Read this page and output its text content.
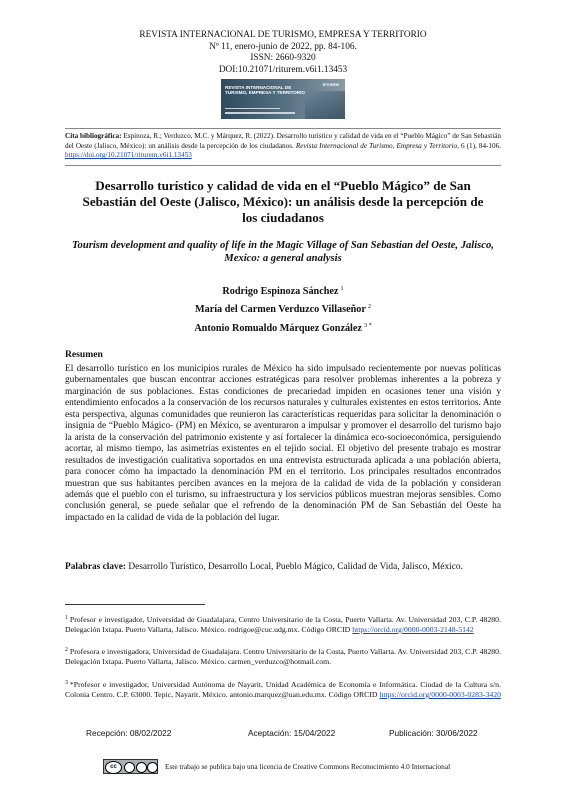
REVISTA INTERNACIONAL DE TURISMO, EMPRESA Y TERRITORIO
Nº 11, enero-junio de 2022, pp. 84-106.
ISSN: 2660-9320
DOI:10.21071/riturem.v6i1.13453
REVISTA INTERNACIONAL DE
TURISMO, EMPRESA Y TERRITORIO
RITUREM
Cita bibliográfica: Espinoza, R.; Verduzco, M.C. y Márquez, R. (2022). Desarrollo turístico y calidad de vida en el “Pueblo Mágico” de San Sebastián del Oeste (Jalisco, México): un análisis desde la percepción de los ciudadanos. Revista Internacional de Turismo, Empresa y Territorio, 6 (1), 84-106. https://doi.org/10.21071/riturem.v6i1.13453
Desarrollo turístico y calidad de vida en el “Pueblo Mágico” de San Sebastián del Oeste (Jalisco, México): un análisis desde la percepción de los ciudadanos
Tourism development and quality of life in the Magic Village of San Sebastian del Oeste, Jalisco, Mexico: a general analysis
Rodrigo Espinoza Sánchez $^1$
María del Carmen Verduzco Villaseñor $^2$
Antonio Romualdo Márquez González $^{3 *}$
Resumen

El desarrollo turístico en los municipios rurales de México ha sido impulsado recientemente por nuevas políticas gubernamentales que buscan encontrar acciones estratégicas para resolver problemas inherentes a la pobreza y marginación de sus poblaciones. Estas condiciones de precariedad impiden en ocasiones tener una visión y entendimiento enfocados a la conservación de los recursos naturales y culturales existentes en estos territorios. Ante esta perspectiva, algunas comunidades que reunieron las características requeridas para solicitar la denominación o insignia de “Pueblo Mágico- (PM) en México, se aventuraron a impulsar y promover el desarrollo del turismo bajo la arista de la conservación del patrimonio existente y así fortalecer la dinámica eco-socioeconómica, persiguiendo acortar, al mismo tiempo, las asimetrías existentes en el tejido social. El objetivo del presente trabajo es mostrar resultados de investigación cualitativa soportados en una entrevista estructurada aplicada a una población abierta, para conocer cómo ha impactado la denominación PM en el territorio. Los principales resultados encontrados muestran que sus habitantes perciben avances en la mejora de la calidad de vida de la población y consideran además que el pueblo con el turismo, su infraestructura y los servicios públicos muestran mejoras sensibles. Como conclusión general, se puede señalar que el refrendo de la denominación PM de San Sebastián del Oeste ha impactado en la calidad de vida de la población del lugar.

Palabras clave: Desarrollo Turístico, Desarrollo Local, Pueblo Mágico, Calidad de Vida, Jalisco, México.

$^1$ Profesor e investigador, Universidad de Guadalajara, Centro Universitario de la Costa, Puerto Vallarta. Av. Universidad 203, C.P. 48280. Delegación Ixtapa. Puerto Vallarta, Jalisco. México. rodrigoe@cuc.udg.mx. Código ORCID https://orcid.org/0000-0003-2148-5142

$^2$ Profesora e investigadora, Universidad de Guadalajara. Centro Universitario de la Costa, Puerto Vallarta. Av. Universidad 203, C.P. 48280. Delegación Ixtapa. Puerto Vallarta, Jalisco. México. carmen_verduzco@hotmail.com.

$^3$ *Profesor e investigador, Universidad Autónoma de Nayarit, Unidad Académica de Economía e Informática. Ciudad de la Cultura s/n. Colonia Centro. C.P. 63000. Tepic, Nayarit. México. antonio.marquez@uan.edu.mx. Código ORCID https://orcid.org/0000-0003-0283-3420

Recepción: 08/02/2022	Aceptación: 15/04/2022	Publicación: 30/06/2022
cc	Este trabajo se publica bajo una licencia de Creative Commons Reconocimiento 4.0 Internacional
